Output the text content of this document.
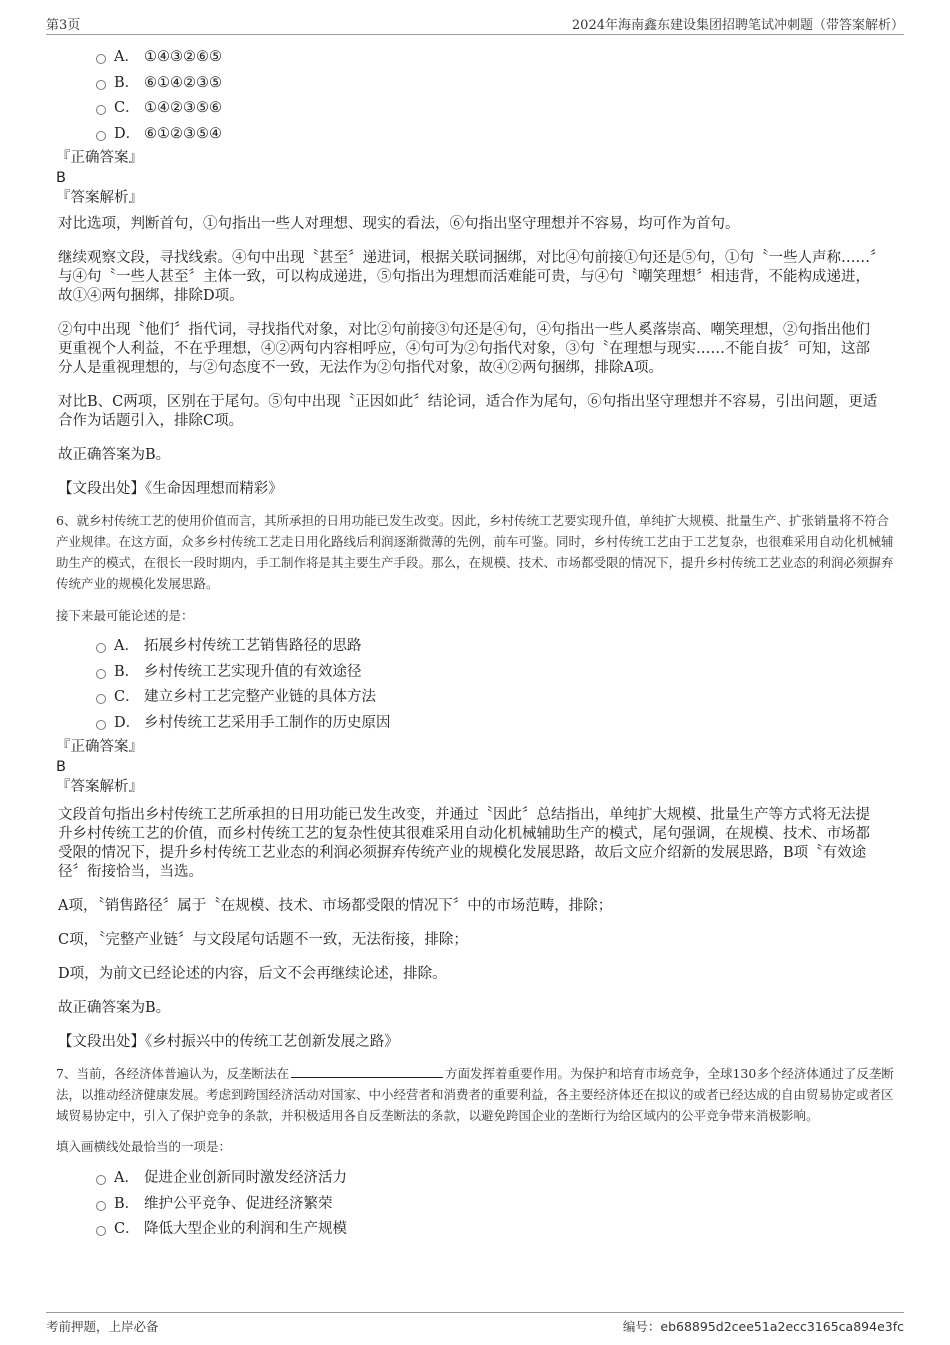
第3页	2024年海南鑫东建设集团招聘笔试冲刺题（带答案解析）
A． ①④③②⑥⑤
B． ⑥①④②③⑤
C． ①④②③⑤⑥
D． ⑥①②③⑤④
『正确答案』
B
『答案解析』

对比选项，判断首句，①句指出一些人对理想、现实的看法，⑥句指出坚守理想并不容易，均可作为首句。

继续观察文段，寻找线索。④句中出现〝甚至〞递进词，根据关联词捆绑，对比④句前接①句还是⑤句，①句〝一些人声称……〞与④句〝一些人甚至〞主体一致，可以构成递进，⑤句指出为理想而活难能可贵，与④句〝嘲笑理想〞相违背，不能构成递进，故①④两句捆绑，排除D项。

②句中出现〝他们〞指代词，寻找指代对象，对比②句前接③句还是④句，④句指出一些人奚落崇高、嘲笑理想，②句指出他们更重视个人利益，不在乎理想，④②两句内容相呼应，④句可为②句指代对象，③句〝在理想与现实……不能自拔〞可知，这部分人是重视理想的，与②句态度不一致，无法作为②句指代对象，故④②两句捆绑，排除A项。

对比B、C两项，区别在于尾句。⑤句中出现〝正因如此〞结论词，适合作为尾句，⑥句指出坚守理想并不容易，引出问题，更适合作为话题引入，排除C项。

故正确答案为B。

【文段出处】《生命因理想而精彩》

6、就乡村传统工艺的使用价值而言，其所承担的日用功能已发生改变。因此，乡村传统工艺要实现升值，单纯扩大规模、批量生产、扩张销量将不符合产业规律。在这方面，众多乡村传统工艺走日用化路线后利润逐渐微薄的先例，前车可鉴。同时，乡村传统工艺由于工艺复杂，也很难采用自动化机械辅助生产的模式，在很长一段时期内，手工制作将是其主要生产手段。那么，在规模、技术、市场都受限的情况下，提升乡村传统工艺业态的利润必须摒弃传统产业的规模化发展思路。

接下来最可能论述的是：

A． 拓展乡村传统工艺销售路径的思路
B． 乡村传统工艺实现升值的有效途径
C． 建立乡村工艺完整产业链的具体方法
D． 乡村传统工艺采用手工制作的历史原因
『正确答案』
B
『答案解析』

文段首句指出乡村传统工艺所承担的日用功能已发生改变，并通过〝因此〞总结指出，单纯扩大规模、批量生产等方式将无法提升乡村传统工艺的价值，而乡村传统工艺的复杂性使其很难采用自动化机械辅助生产的模式，尾句强调，在规模、技术、市场都受限的情况下，提升乡村传统工艺业态的利润必须摒弃传统产业的规模化发展思路，故后文应介绍新的发展思路，B项〝有效途径〞衔接恰当，当选。

A项，〝销售路径〞属于〝在规模、技术、市场都受限的情况下〞中的市场范畴，排除；

C项，〝完整产业链〞与文段尾句话题不一致，无法衔接，排除；

D项，为前文已经论述的内容，后文不会再继续论述，排除。

故正确答案为B。

【文段出处】《乡村振兴中的传统工艺创新发展之路》

7、当前，各经济体普遍认为，反垄断法在	方面发挥着重要作用。为保护和培育市场竞争，全球130多个经济体通过了反垄断法，以推动经济健康发展。考虑到跨国经济活动对国家、中小经营者和消费者的重要利益，各主要经济体还在拟议的或者已经达成的自由贸易协定或者区域贸易协定中，引入了保护竞争的条款，并积极适用各自反垄断法的条款，以避免跨国企业的垄断行为给区域内的公平竞争带来消极影响。

填入画横线处最恰当的一项是：

A． 促进企业创新同时激发经济活力
B． 维护公平竞争、促进经济繁荣
C． 降低大型企业的利润和生产规模
考前押题，上岸必备	编号：eb68895d2cee51a2ecc3165ca894e3fc
